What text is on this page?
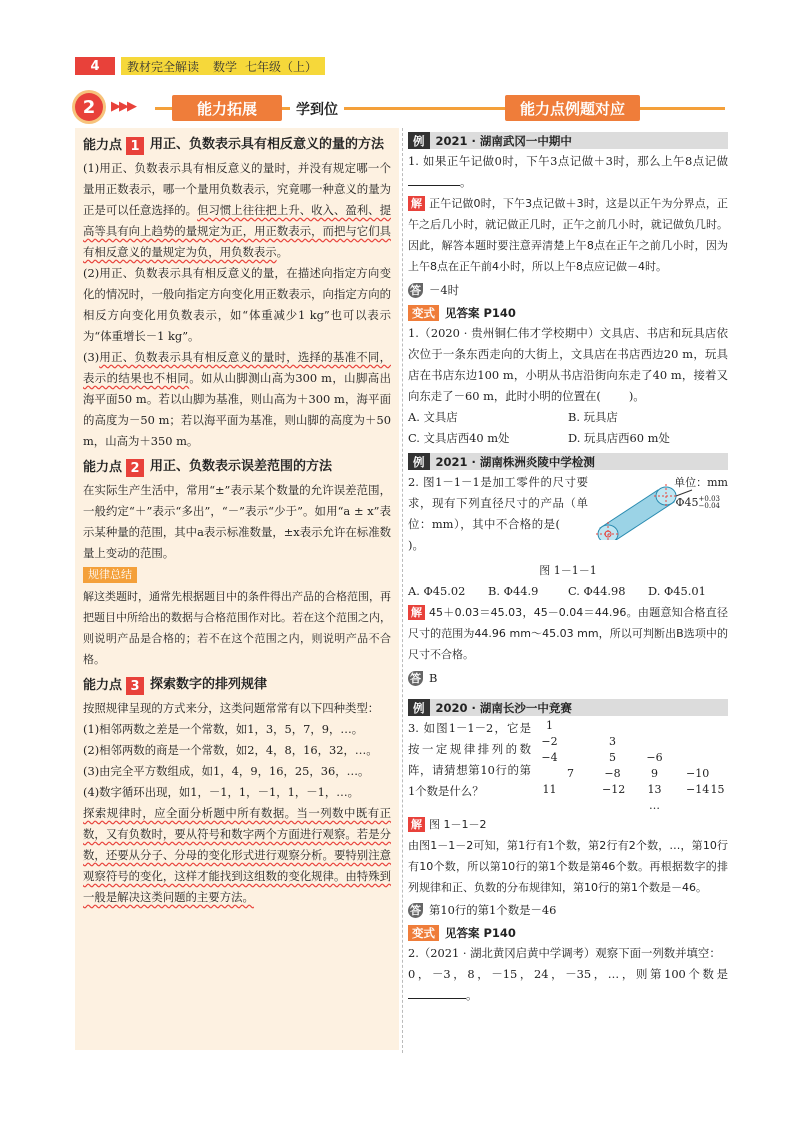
4	教材完全解读 数学 七年级（上）
2	▶▶▶	能力拓展	学到位	能力点例题对应
能力点 1 用正、负数表示具有相反意义的量的方法

(1)用正、负数表示具有相反意义的量时，并没有规定哪一个量用正数表示，哪一个量用负数表示，究竟哪一种意义的量为正是可以任意选择的。但习惯上往往把上升、收入、盈利、提高等具有向上趋势的量规定为正，用正数表示，而把与它们具有相反意义的量规定为负，用负数表示。

(2)用正、负数表示具有相反意义的量，在描述向指定方向变化的情况时，一般向指定方向变化用正数表示，向指定方向的相反方向变化用负数表示，如“体重减少1 kg”也可以表示为“体重增长－1 kg”。

(3)用正、负数表示具有相反意义的量时，选择的基准不同，表示的结果也不相同。如从山脚测山高为300 m，山脚高出海平面50 m。若以山脚为基准，则山高为＋300 m，海平面的高度为－50 m；若以海平面为基准，则山脚的高度为＋50 m，山高为＋350 m。

能力点 2 用正、负数表示误差范围的方法

在实际生产生活中，常用“±”表示某个数量的允许误差范围，一般约定“＋”表示“多出”，“－”表示“少于”。如用“a ± x”表示某种量的范围，其中a表示标准数量，±x表示允许在标准数量上变动的范围。

规律总结

解这类题时，通常先根据题目中的条件得出产品的合格范围，再把题目中所给出的数据与合格范围作对比。若在这个范围之内，则说明产品是合格的；若不在这个范围之内，则说明产品不合格。

能力点 3 探索数字的排列规律

按照规律呈现的方式来分，这类问题常常有以下四种类型：

(1)相邻两数之差是一个常数，如1，3，5，7，9，…。

(2)相邻两数的商是一个常数，如2，4，8，16，32，…。

(3)由完全平方数组成，如1，4，9，16，25，36，…。

(4)数字循环出现，如1，－1，1，－1，1，－1，…。

探索规律时，应全面分析题中所有数据。当一列数中既有正数，又有负数时，要从符号和数字两个方面进行观察。若是分数，还要从分子、分母的变化形式进行观察分析。要特别注意观察符号的变化，这样才能找到这组数的变化规律。由特殊到一般是解决这类问题的主要方法。

例 2021 · 湖南武冈一中期中

1. 如果正午记做0时，下午3点记做＋3时，那么上午8点记做。

解 正午记做0时，下午3点记做＋3时，这是以正午为分界点，正午之后几小时，就记做正几时，正午之前几小时，就记做负几时。因此，解答本题时要注意弄清楚上午8点在正午之前几小时，因为上午8点在正午前4小时，所以上午8点应记做－4时。

答 －4时

变式 见答案 P140

1.（2020 · 贵州铜仁伟才学校期中）文具店、书店和玩具店依次位于一条东西走向的大街上，文具店在书店西边20 m，玩具店在书店东边100 m，小明从书店沿街向东走了40 m，接着又向东走了－60 m，此时小明的位置在( )。

A. 文具店	B. 玩具店
C. 文具店西40 m处	D. 玩具店西60 m处
例 2021 · 湖南株洲炎陵中学检测

2. 图1－1－1是加工零件的尺寸要求，现有下列直径尺寸的产品（单位：mm），其中不合格的是()。

单位：mm
Φ45+0.03
−0.04
图 1－1－1
A. Φ45.02	B. Φ44.9	C. Φ44.98	D. Φ45.01

解 45＋0.03＝45.03，45－0.04＝44.96。由题意知合格直径尺寸的范围为44.96 mm～45.03 mm，所以可判断出B选项中的尺寸不合格。

答 B

例 2020 · 湖南长沙一中竞赛

3. 如图1－1－2，它是按一定规律排列的数阵，请猜想第10行的第1个数是什么？

1
−2	3
−4	5	−6
7	−8	9	−10
11	−12	13	−14 15
…

解 图 1－1－2

由图1－1－2可知，第1行有1个数，第2行有2个数，…，第10行有10个数，所以第10行的第1个数是第46个数。再根据数字的排列规律和正、负数的分布规律知，第10行的第1个数是－46。

答 第10行的第1个数是－46

变式 见答案 P140

2.（2021 · 湖北黄冈启黄中学调考）观察下面一列数并填空：

0，－3，8，－15，24，－35，…，则第100个数是。
